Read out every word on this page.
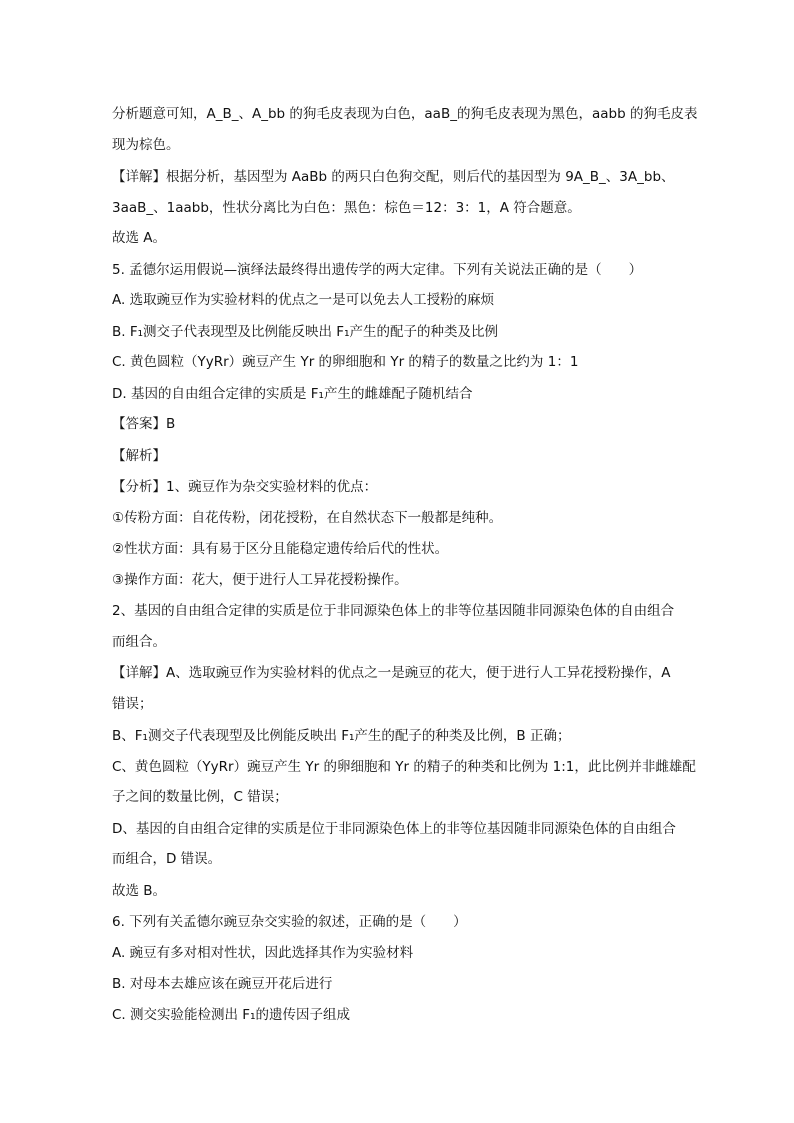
分析题意可知，A_B_、A_bb 的狗毛皮表现为白色，aaB_的狗毛皮表现为黑色，aabb 的狗毛皮表
现为棕色。
【详解】根据分析，基因型为 AaBb 的两只白色狗交配，则后代的基因型为 9A_B_、3A_bb、
3aaB_、1aabb，性状分离比为白色：黑色：棕色＝12：3：1，A 符合题意。
故选 A。
5. 孟德尔运用假说—演绎法最终得出遗传学的两大定律。下列有关说法正确的是（　　）
A. 选取豌豆作为实验材料的优点之一是可以免去人工授粉的麻烦
B. F₁测交子代表现型及比例能反映出 F₁产生的配子的种类及比例
C. 黄色圆粒（YyRr）豌豆产生 Yr 的卵细胞和 Yr 的精子的数量之比约为 1：1
D. 基因的自由组合定律的实质是 F₁产生的雌雄配子随机结合
【答案】B
【解析】
【分析】1、豌豆作为杂交实验材料的优点：
①传粉方面：自花传粉，闭花授粉，在自然状态下一般都是纯种。
②性状方面：具有易于区分且能稳定遗传给后代的性状。
③操作方面：花大，便于进行人工异花授粉操作。
2、基因的自由组合定律的实质是位于非同源染色体上的非等位基因随非同源染色体的自由组合
而组合。
【详解】A、选取豌豆作为实验材料的优点之一是豌豆的花大，便于进行人工异花授粉操作，A
错误；
B、F₁测交子代表现型及比例能反映出 F₁产生的配子的种类及比例，B 正确；
C、黄色圆粒（YyRr）豌豆产生 Yr 的卵细胞和 Yr 的精子的种类和比例为 1:1，此比例并非雌雄配
子之间的数量比例，C 错误；
D、基因的自由组合定律的实质是位于非同源染色体上的非等位基因随非同源染色体的自由组合
而组合，D 错误。
故选 B。
6. 下列有关孟德尔豌豆杂交实验的叙述，正确的是（　　）
A. 豌豆有多对相对性状，因此选择其作为实验材料
B. 对母本去雄应该在豌豆开花后进行
C. 测交实验能检测出 F₁的遗传因子组成
